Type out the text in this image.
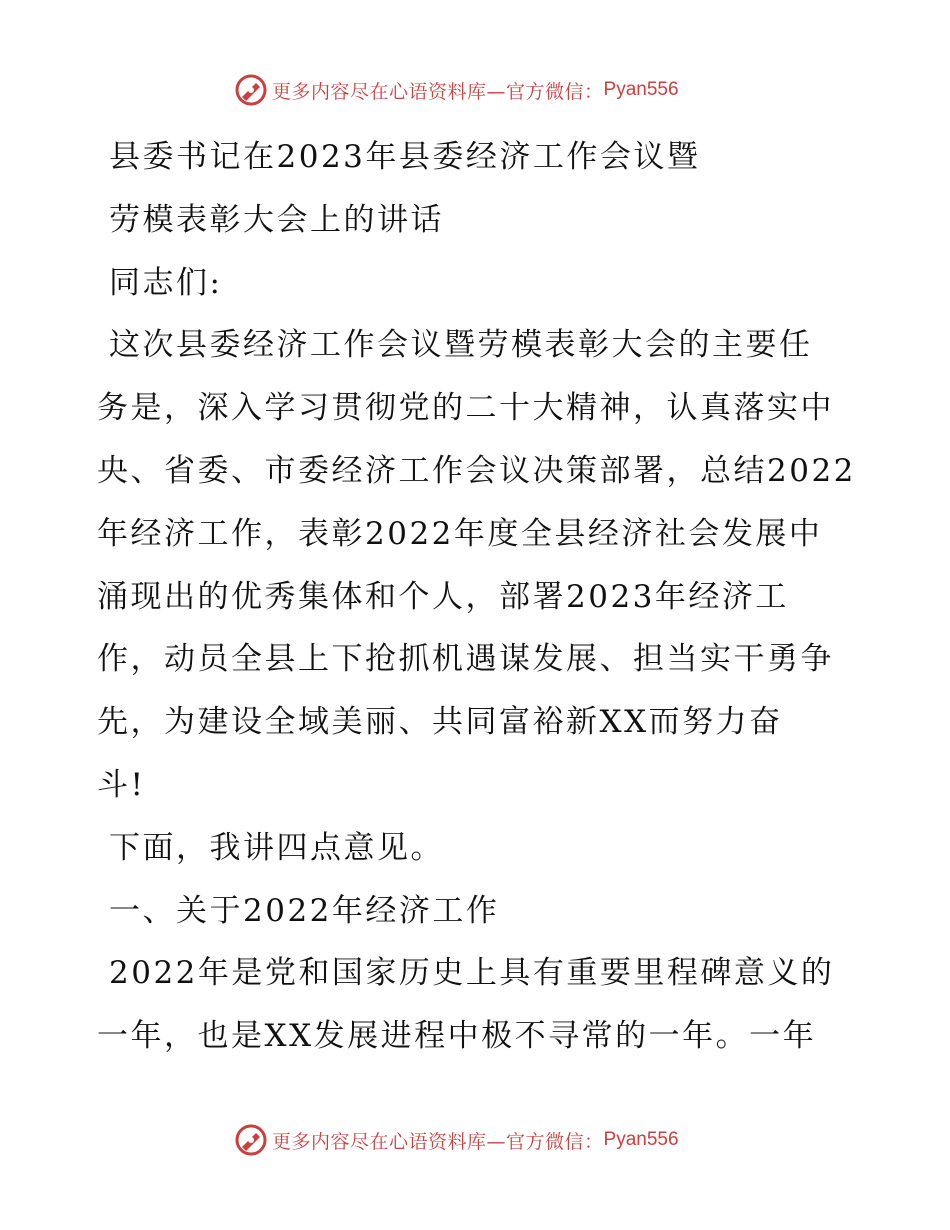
更多内容尽在心语资料库—官方微信： Pyan556
县委书记在2023年县委经济工作会议暨
劳模表彰大会上的讲话
同志们:
这次县委经济工作会议暨劳模表彰大会的主要任
务是，深入学习贯彻党的二十大精神，认真落实中
央、省委、市委经济工作会议决策部署，总结2022
年经济工作，表彰2022年度全县经济社会发展中
涌现出的优秀集体和个人，部署2023年经济工
作，动员全县上下抢抓机遇谋发展、担当实干勇争
先，为建设全域美丽、共同富裕新XX而努力奋
斗!
下面，我讲四点意见。
一、关于2022年经济工作
2022年是党和国家历史上具有重要里程碑意义的
一年，也是XX发展进程中极不寻常的一年。一年
更多内容尽在心语资料库—官方微信： Pyan556
